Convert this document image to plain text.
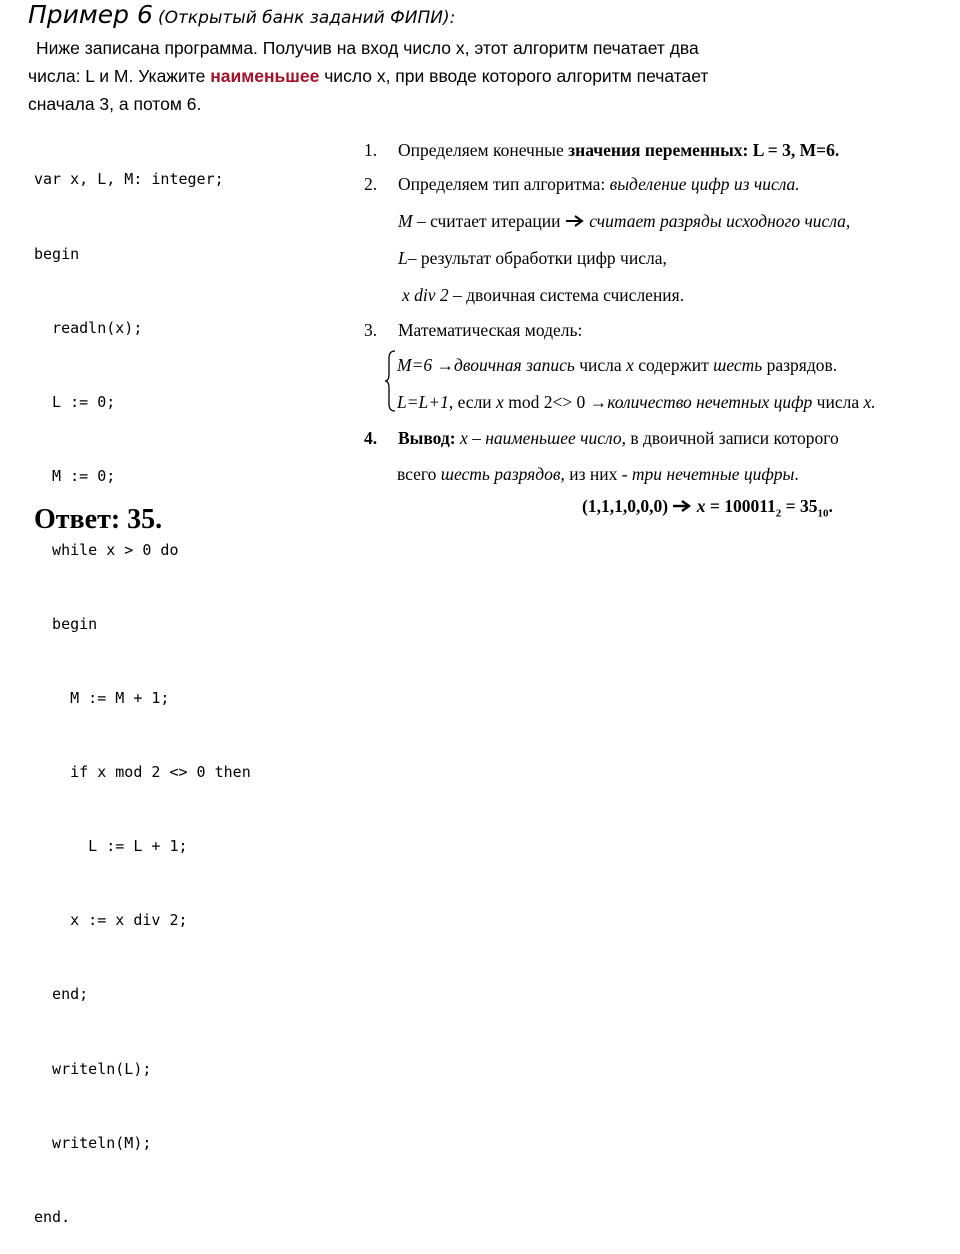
Пример 6 (Открытый банк заданий ФИПИ):
Ниже записана программа. Получив на вход число x, этот алгоритм печатает два
числа: L и M. Укажите наименьшее число x, при вводе которого алгоритм печатает
сначала 3, а потом 6.

var x, L, M: integer;

begin

readln(x);

L := 0;

M := 0;

while x > 0 do

begin

M := M + 1;

if x mod 2 <> 0 then

L := L + 1;

x := x div 2;

end;

writeln(L);

writeln(M);

end.

1. Определяем конечные значения переменных: L = 3, M=6.
2. Определяем тип алгоритма: выделение цифр из числа.
M – считает итерации  считает разряды исходного числа,
L– результат обработки цифр числа,
x div 2 – двоичная система счисления.
3. Математическая модель:
M=6 →двоичная запись числа x содержит шесть разрядов.
L=L+1, если x mod 2<> 0 →количество нечетных цифр числа x.
4. Вывод: x – наименьшее число, в двоичной записи которого
всего шесть разрядов, из них - три нечетные цифры.
(1,1,1,0,0,0)  $x = 100011_2 = 35_{10}$.
Ответ: 35.
